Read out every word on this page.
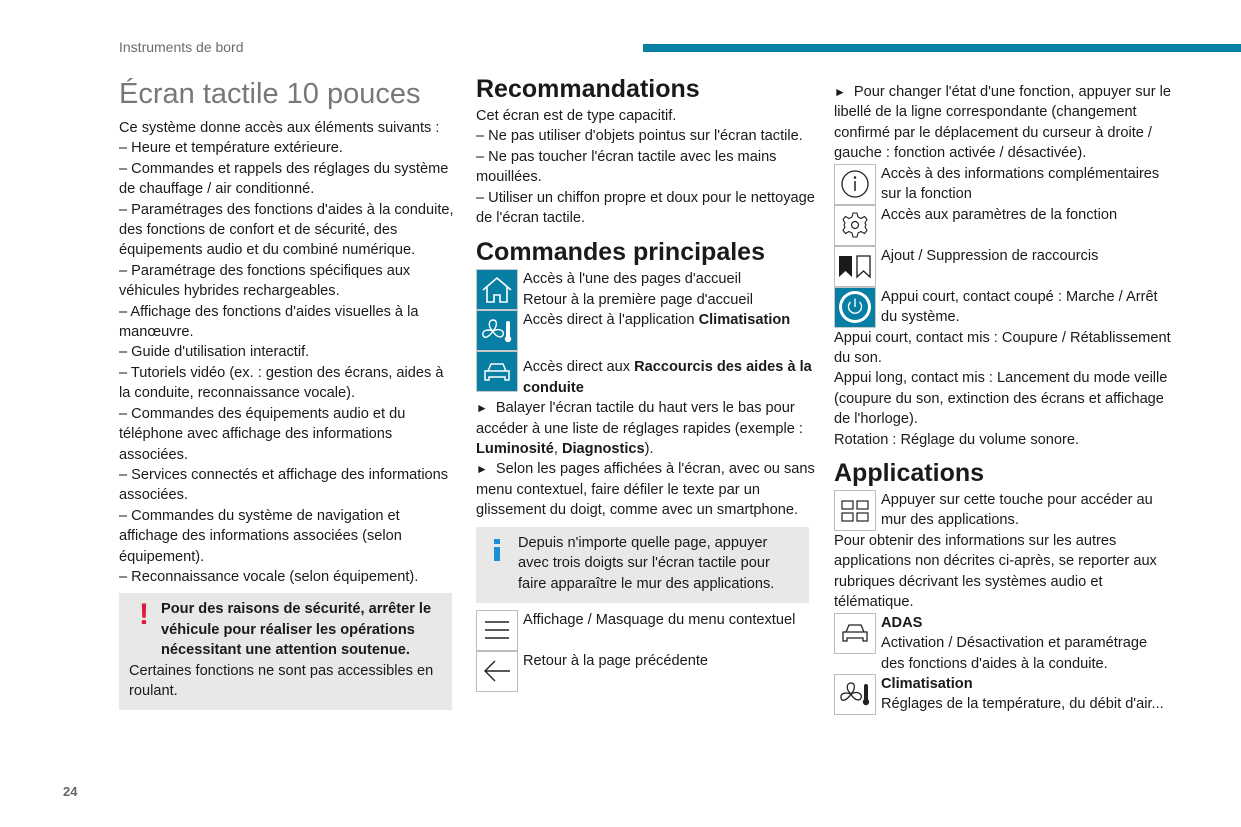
Instruments de bord
Écran tactile 10 pouces

Ce système donne accès aux éléments suivants :

– Heure et température extérieure.

– Commandes et rappels des réglages du système de chauffage / air conditionné.

– Paramétrages des fonctions d'aides à la conduite, des fonctions de confort et de sécurité, des équipements audio et du combiné numérique.

– Paramétrage des fonctions spécifiques aux véhicules hybrides rechargeables.

– Affichage des fonctions d'aides visuelles à la manœuvre.

– Guide d'utilisation interactif.

– Tutoriels vidéo (ex. : gestion des écrans, aides à la conduite, reconnaissance vocale).

– Commandes des équipements audio et du téléphone avec affichage des informations associées.

– Services connectés et affichage des informations associées.

– Commandes du système de navigation et affichage des informations associées (selon équipement).

– Reconnaissance vocale (selon équipement).

! Pour des raisons de sécurité, arrêter le véhicule pour réaliser les opérations nécessitant une attention soutenue.

Certaines fonctions ne sont pas accessibles en roulant.

Recommandations

Cet écran est de type capacitif.

– Ne pas utiliser d'objets pointus sur l'écran tactile.

– Ne pas toucher l'écran tactile avec les mains mouillées.

– Utiliser un chiffon propre et doux pour le nettoyage de l'écran tactile.

Commandes principales

Accès à l'une des pages d'accueil

Retour à la première page d'accueil

Accès direct à l'application Climatisation

Accès direct aux Raccourcis des aides à la conduite

► Balayer l'écran tactile du haut vers le bas pour accéder à une liste de réglages rapides (exemple : Luminosité, Diagnostics).

► Selon les pages affichées à l'écran, avec ou sans menu contextuel, faire défiler le texte par un glissement du doigt, comme avec un smartphone.

Depuis n'importe quelle page, appuyer avec trois doigts sur l'écran tactile pour faire apparaître le mur des applications.

Affichage / Masquage du menu contextuel

Retour à la page précédente

► Pour changer l'état d'une fonction, appuyer sur le libellé de la ligne correspondante (changement confirmé par le déplacement du curseur à droite / gauche : fonction activée / désactivée).

Accès à des informations complémentaires sur la fonction

Accès aux paramètres de la fonction

Ajout / Suppression de raccourcis

Appui court, contact coupé : Marche / Arrêt du système.

Appui court, contact mis : Coupure / Rétablissement du son.

Appui long, contact mis : Lancement du mode veille (coupure du son, extinction des écrans et affichage de l'horloge).

Rotation : Réglage du volume sonore.

Applications

Appuyer sur cette touche pour accéder au mur des applications.

Pour obtenir des informations sur les autres applications non décrites ci-après, se reporter aux rubriques décrivant les systèmes audio et télématique.

ADAS

Activation / Désactivation et paramétrage des fonctions d'aides à la conduite.

Climatisation

Réglages de la température, du débit d'air...

24
